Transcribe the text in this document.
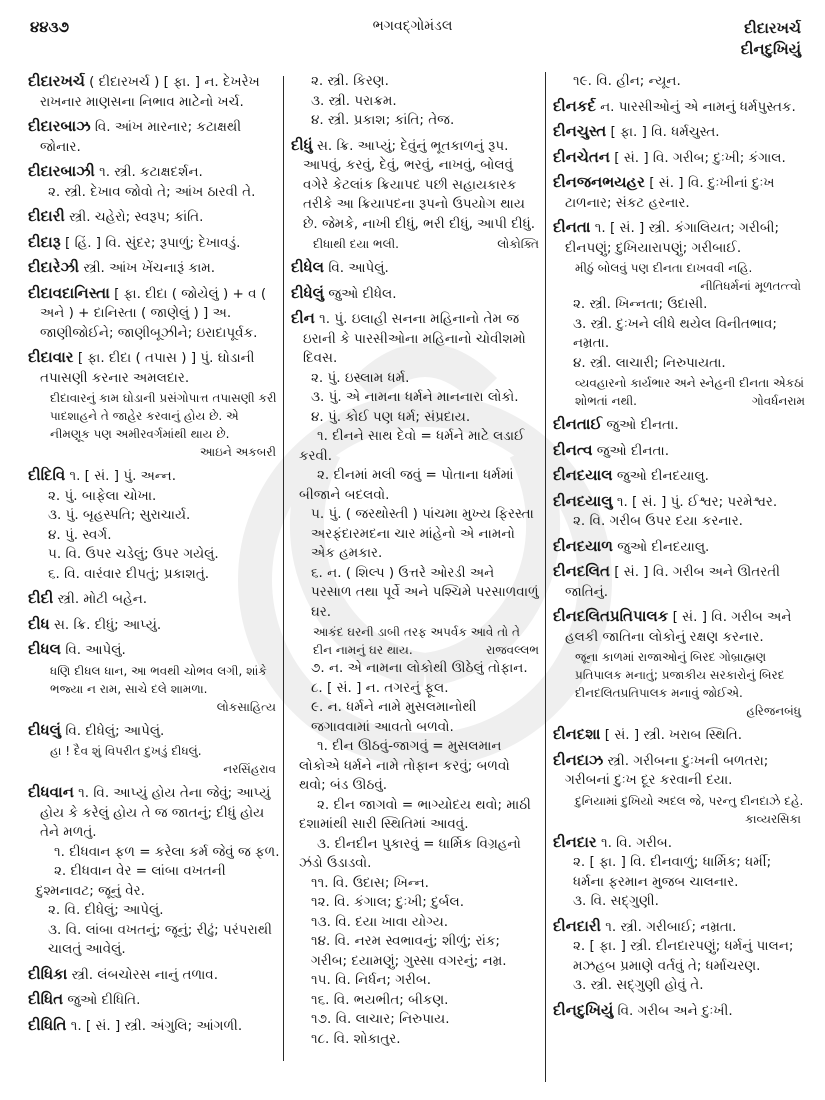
૪૪૩૭	ભગવદ્ગોમંડલ	દીદારખર્ચ
દીનદુખિયું
દીદારખર્ચ ( દીદારખર્ચ ) [ ફા. ] ન. દેખરેખ રાખનાર માણસના નિભાવ માટેનો ખર્ચ.
દીદારબાઝ વિ. આંખ મારનાર; કટાક્ષથી જોનાર.
દીદારબાઝી ૧. સ્ત્રી. કટાક્ષદર્શન.
૨. સ્ત્રી. દેખાવ જોવો તે; આંખ ઠારવી તે.
દીદારી સ્ત્રી. ચહેરો; સ્વરૂપ; કાંતિ.
દીદારૂ [ હિં. ] વિ. સુંદર; રૂપાળું; દેખાવડું.
દીદારેઝી સ્ત્રી. આંખ ખેંચનારૂં કામ.
દીદાવદાનિસ્તા [ ફા. દીદા ( જોયેલું ) + વ ( અને ) + દાનિસ્તા ( જાણેલું ) ] અ. જાણીજોઈને; જાણીબૂઝીને; ઇરાદાપૂર્વક.
દીદાવાર [ ફા. દીદા ( તપાસ ) ] પું. ઘોડાની તપાસણી કરનાર અમલદાર.
દીદાવારનું કામ ઘોડાની પ્રસંગોપાત્ત તપાસણી કરી પાદશાહને તે જાહેર કરવાનું હોય છે. એ નીમણૂક પણ અમીરવર્ગમાંથી થાય છે.
આઇને અકબરી
દીદિવિ ૧. [ સં. ] પું. અન્ન.
૨. પું. બાફેલા ચોખા.
૩. પું. બૃહસ્પતિ; સુરાચાર્ય.
૪. પું. સ્વર્ગ.
૫. વિ. ઉપર ચડેલું; ઉપર ગયેલું.
૬. વિ. વારંવાર દીપતું; પ્રકાશતું.
દીદી સ્ત્રી. મોટી બહેન.
દીધ સ. ક્રિ. દીધું; આપ્યું.
દીધલ વિ. આપેલું.
ધણિ દીધલ ધાન, આ ભવથી ચોભવ લગી, શાંકે ભજ્યા ન રામ, સાચે દલે શામળા.
લોકસાહિત્ય
દીધલું વિ. દીધેલું; આપેલું.
હા ! દૈવ શું વિપરીત દુખડું દીધલું.
નરસિંહરાવ
દીધવાન ૧. વિ. આપ્યું હોય તેના જેવું; આપ્યું હોય કે કરેલું હોય તે જ જાતનું; દીધું હોય તેને મળતું.
૧. દીધવાન ફળ = કરેલા કર્મ જેવું જ ફળ.
૨. દીધવાન વેર = લાંબા વખતની દુશ્મનાવટ; જૂનું વેર.
૨. વિ. દીધેલું; આપેલું.
૩. વિ. લાંબા વખતનું; જૂનું; રીઢું; પરંપરાથી ચાલતું આવેલું.
દીધિકા સ્ત્રી. લંબચોરસ નાનું તળાવ.
દીધિત જુઓ દીધિતિ.
દીધિતિ ૧. [ સં. ] સ્ત્રી. અંગુલિ; આંગળી.
૨. સ્ત્રી. કિરણ.
૩. સ્ત્રી. પરાક્રમ.
૪. સ્ત્રી. પ્રકાશ; કાંતિ; તેજ.
દીધું સ. ક્રિ. આપ્યું; દેવુંનું ભૂતકાળનું રૂપ. આપવું, કરવું, દેવું, ભરવું, નાખવું, બોલવું વગેરે કેટલાંક ક્રિયાપદ પછી સહાયકારક તરીકે આ ક્રિયાપદના રૂપનો ઉપયોગ થાય છે. જેમકે, નાખી દીધું, ભરી દીધું, આપી દીધું.
દીધાથી દયા ભલી.	લોકોક્તિ
દીધેલ વિ. આપેલું.
દીધેલું જુઓ દીધેલ.
દીન ૧. પું. ઇલાહી સનના મહિનાનો તેમ જ ઇરાની કે પારસીઓના મહિનાનો ચોવીશમો દિવસ.
૨. પું. ઇસ્લામ ધર્મ.
૩. પું. એ નામના ધર્મને માનનારા લોકો.
૪. પું. કોઈ પણ ધર્મ; સંપ્રદાય.
૧. દીનને સાથ દેવો = ધર્મને માટે લડાઈ કરવી.
૨. દીનમાં મલી જવું = પોતાના ધર્મમાં બીજાને બદલવો.
૫. પું. ( જરથોસ્તી ) પાંચમા મુખ્ય ફિરસ્તા અરફંદારમદના ચાર માંહેનો એ નામનો એક હમકાર.
૬. ન. ( શિલ્પ ) ઉત્તરે ઓરડી અને પરસાળ તથા પૂર્વે અને પશ્ચિમે પરસાળવાળું ઘર.
આકંદ ઘરની ડાબી તરફ અપર્વક આવે તો તે દીન નામનું ઘર થાય.	રાજવલ્લભ
૭. ન. એ નામના લોકોથી ઊઠેલું તોફાન.
૮. [ સં. ] ન. તગરનું ફૂલ.
૯. ન. ધર્મને નામે મુસલમાનોથી જગાવવામાં આવતો બળવો.
૧. દીન ઊઠવું-જાગવું = મુસલમાન લોકોએ ધર્મને નામે તોફાન કરવું; બળવો થવો; બંડ ઊઠવું.
૨. દીન જાગવો = ભાગ્યોદય થવો; માઠી દશામાંથી સારી સ્થિતિમાં આવવું.
૩. દીનદીન પુકારવું = ધાર્મિક વિગ્રહનો ઝંડો ઉડાડવો.
૧૧. વિ. ઉદાસ; ખિન્ન.
૧૨. વિ. કંગાલ; દુઃખી; દુર્બલ.
૧૩. વિ. દયા ખાવા યોગ્ય.
૧૪. વિ. નરમ સ્વભાવનું; શીળું; રાંક; ગરીબ; દયામણું; ગુસ્સા વગરનું; નમ્ર.
૧૫. વિ. નિર્ધન; ગરીબ.
૧૬. વિ. ભયભીત; બીકણ.
૧૭. વિ. લાચાર; નિરુપાય.
૧૮. વિ. શોકાતુર.
૧૯. વિ. હીન; ન્યૂન.
દીનકર્દ ન. પારસીઓનું એ નામનું ધર્મપુસ્તક.
દીનચુસ્ત [ ફા. ] વિ. ધર્મચુસ્ત.
દીનચેતન [ સં. ] વિ. ગરીબ; દુઃખી; કંગાલ.
દીનજનભયહર [ સં. ] વિ. દુઃખીનાં દુઃખ ટાળનાર; સંકટ હરનાર.
દીનતા ૧. [ સં. ] સ્ત્રી. કંગાલિયત; ગરીબી; દીનપણું; દુખિયારાપણું; ગરીબાઈ.
મીઠું બોલવું પણ દીનતા દાખવવી નહિ.
નીતિધર્મનાં મૂળતત્ત્વો
૨. સ્ત્રી. ખિન્નતા; ઉદાસી.
૩. સ્ત્રી. દુઃખને લીધે થયેલ વિનીતભાવ; નમ્રતા.
૪. સ્ત્રી. લાચારી; નિરુપાયતા.
વ્યવહારનો કાર્યભાર અને સ્નેહની દીનતા એકઠાં શોભતાં નથી.	ગોવર્ધનરામ
દીનતાઈ જુઓ દીનતા.
દીનત્વ જુઓ દીનતા.
દીનદયાલ જુઓ દીનદયાલુ.
દીનદયાલુ ૧. [ સં. ] પું. ઈશ્વર; પરમેશ્વર.
૨. વિ. ગરીબ ઉપર દયા કરનાર.
દીનદયાળ જુઓ દીનદયાલુ.
દીનદલિત [ સં. ] વિ. ગરીબ અને ઊતરતી જાતિનું.
દીનદલિતપ્રતિપાલક [ સં. ] વિ. ગરીબ અને હલકી જાતિના લોકોનું રક્ષણ કરનાર.
જૂના કાળમાં રાજાઓનું બિરદ ગોબ્રાહ્મણ પ્રતિપાલક મનાતું; પ્રજાકીય સરકારોનું બિરદ દીનદલિતપ્રતિપાલક મનાવું જોઈએ.
હરિજનબંધુ
દીનદશા [ સં. ] સ્ત્રી. ખરાબ સ્થિતિ.
દીનદાઝ સ્ત્રી. ગરીબના દુઃખની બળતરા; ગરીબનાં દુઃખ દૂર કરવાની દયા.
દુનિયામાં દુખિયો અદલ જે, પરન્તુ દીનદાઝે દહે.
કાવ્યરસિકા
દીનદાર ૧. વિ. ગરીબ.
૨. [ ફા. ] વિ. દીનવાળું; ધાર્મિક; ધર્મી; ધર્મના ફરમાન મુજબ ચાલનાર.
૩. વિ. સદ્ગુણી.
દીનદારી ૧. સ્ત્રી. ગરીબાઈ; નમ્રતા.
૨. [ ફા. ] સ્ત્રી. દીનદારપણું; ધર્મનું પાલન; મઝહબ પ્રમાણે વર્તવું તે; ધર્માચરણ.
૩. સ્ત્રી. સદ્ગુણી હોવું તે.
દીનદુખિયું વિ. ગરીબ અને દુઃખી.
